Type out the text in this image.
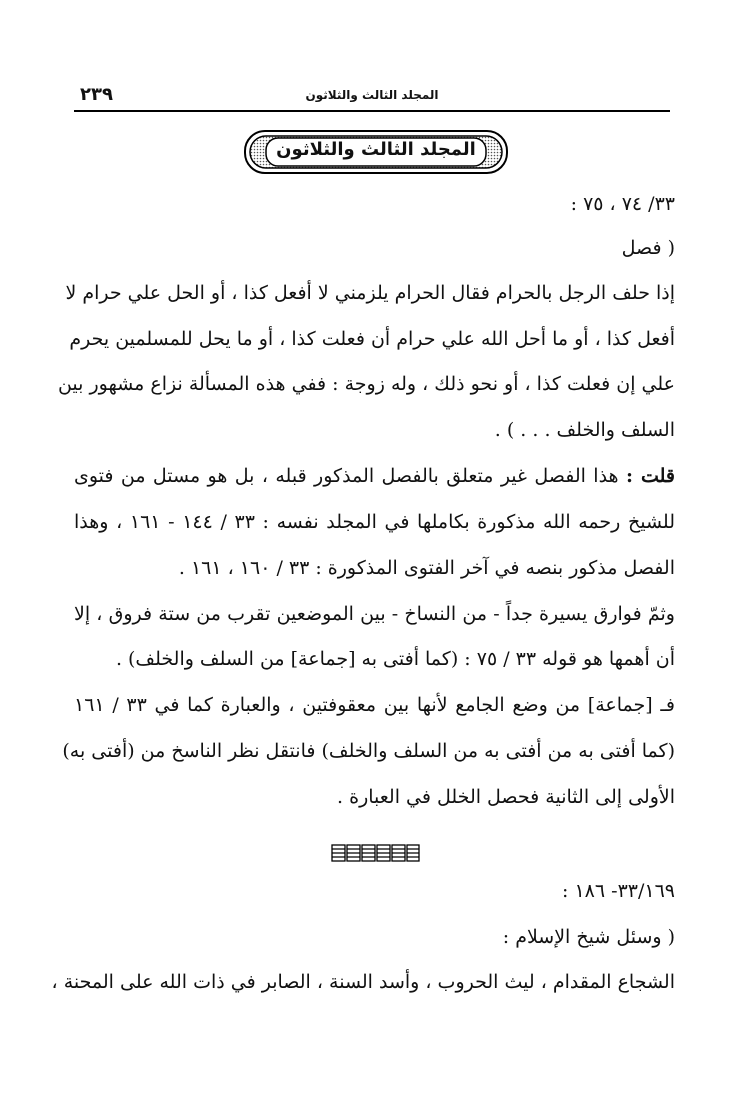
المجلد الثالث والثلاثون
٢٣٩
المجلد الثالث والثلاثون
٣٣/ ٧٤ ، ٧٥ :
( فصل
إذا حلف الرجل بالحرام فقال الحرام يلزمني لا أفعل كذا ، أو الحل علي حرام لا
أفعل كذا ، أو ما أحل الله علي حرام أن فعلت كذا ، أو ما يحل للمسلمين يحرم
علي إن فعلت كذا ، أو نحو ذلك ، وله زوجة : ففي هذه المسألة نزاع مشهور بين
السلف والخلف . . . ) .
قلت : هذا الفصل غير متعلق بالفصل المذكور قبله ، بل هو مستل من فتوى
للشيخ رحمه الله مذكورة بكاملها في المجلد نفسه : ٣٣ / ١٤٤ - ١٦١ ، وهذا
الفصل مذكور بنصه في آخر الفتوى المذكورة : ٣٣ / ١٦٠ ، ١٦١ .
وثمّ فوارق يسيرة جداً - من النساخ - بين الموضعين تقرب من ستة فروق ، إلا
أن أهمها هو قوله ٣٣ / ٧٥ : (كما أفتى به [جماعة] من السلف والخلف) .
فـ [جماعة] من وضع الجامع لأنها بين معقوفتين ، والعبارة كما في ٣٣ / ١٦١
(كما أفتى به من أفتى به من السلف والخلف) فانتقل نظر الناسخ من (أفتى به)
الأولى إلى الثانية فحصل الخلل في العبارة .
٣٣/١٦٩- ١٨٦ :
( وسئل شيخ الإسلام :
الشجاع المقدام ، ليث الحروب ، وأسد السنة ، الصابر في ذات الله على المحنة ،
